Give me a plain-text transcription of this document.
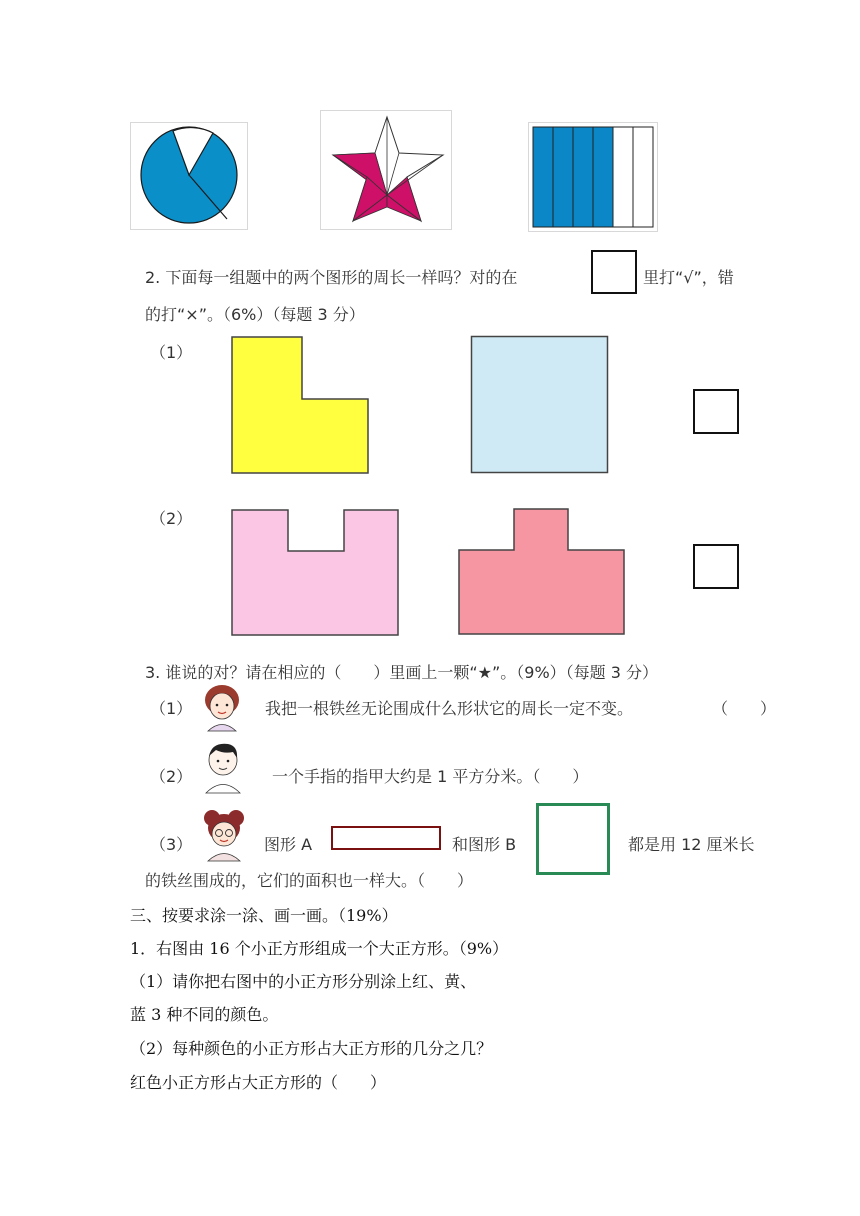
2. 下面每一组题中的两个图形的周长一样吗？对的在	里打“√”，错
的打“×”。（6%）（每题 3 分）
（1）
（2）
3. 谁说的对？请在相应的（　　）里画上一颗“★”。（9%）（每题 3 分）
（1）	我把一根铁丝无论围成什么形状它的周长一定不变。	（　　）
（2）	一个手指的指甲大约是 1 平方分米。（　　）
（3）	图形 A	和图形 B	都是用 12 厘米长
的铁丝围成的，它们的面积也一样大。（　　）
三、按要求涂一涂、画一画。（19%）
1．右图由 16 个小正方形组成一个大正方形。（9%）
（1）请你把右图中的小正方形分别涂上红、黄、
蓝 3 种不同的颜色。
（2）每种颜色的小正方形占大正方形的几分之几？
红色小正方形占大正方形的（　　）
